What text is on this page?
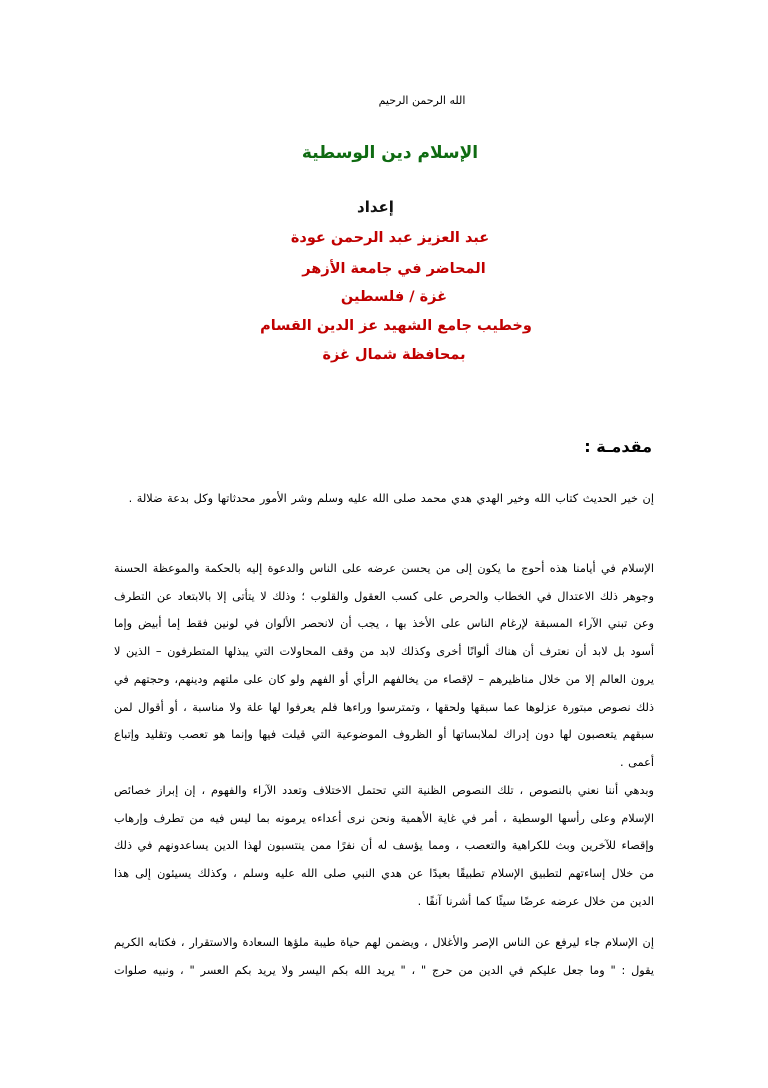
الله الرحمن الرحيم
الإسلام دين الوسطية
إعداد
عبد العزيز عبد الرحمن عودة
المحاضر في جامعة الأزهر
غزة / فلسطين
وخطيب جامع الشهيد عز الدين القسام
بمحافظة شمال غزة
مقدمـة :

إن خير الحديث كتاب الله وخير الهدي هدي محمد صلى الله عليه وسلم وشر الأمور محدثاتها وكل بدعة ضلالة .

الإسلام في أيامنا هذه أحوج ما يكون إلى من يحسن عرضه على الناس والدعوة إليه بالحكمة والموعظة الحسنة وجوهر ذلك الاعتدال في الخطاب والحرص على كسب العقول والقلوب ؛ وذلك لا يتأتى إلا بالابتعاد عن التطرف وعن تبني الآراء المسبقة لإرغام الناس على الأخذ بها ، يجب أن لانحصر الألوان في لونين فقط إما أبيض وإما أسود بل لابد أن نعترف أن هناك ألوانًا أخرى وكذلك لابد من وقف المحاولات التي يبذلها المتطرفون – الذين لا يرون العالم إلا من خلال مناظيرهم – لإقصاء من يخالفهم الرأي أو الفهم ولو كان على ملتهم ودينهم، وحجتهم في ذلك نصوص مبتورة عزلوها عما سبقها ولحقها ، وتمترسوا وراءها فلم يعرفوا لها علة ولا مناسبة ، أو أقوال لمن سبقهم يتعصبون لها دون إدراك لملابساتها أو الظروف الموضوعية التي قيلت فيها وإنما هو تعصب وتقليد وإتباع أعمى .

وبدهي أننا نعني بالنصوص ، تلك النصوص الظنية التي تحتمل الاختلاف وتعدد الآراء والفهوم ، إن إبراز خصائص الإسلام وعلى رأسها الوسطية ، أمر في غاية الأهمية ونحن نرى أعداءه يرمونه بما ليس فيه من تطرف وإرهاب وإقصاء للآخرين وبث للكراهية والتعصب ، ومما يؤسف له أن نفرًا ممن ينتسبون لهذا الدين يساعدونهم في ذلك من خلال إساءتهم لتطبيق الإسلام تطبيقًا بعيدًا عن هدي النبي صلى الله عليه وسلم ، وكذلك يسيئون إلى هذا الدين من خلال عرضه عرضًا سيئًا كما أشرنا آنفًا .

إن الإسلام جاء ليرفع عن الناس الإصر والأغلال ، ويضمن لهم حياة طيبة ملؤها السعادة والاستقرار ، فكتابه الكريم يقول : " وما جعل عليكم في الدين من حرج " ، " يريد الله بكم اليسر ولا يريد بكم العسر " ، ونبيه صلوات
